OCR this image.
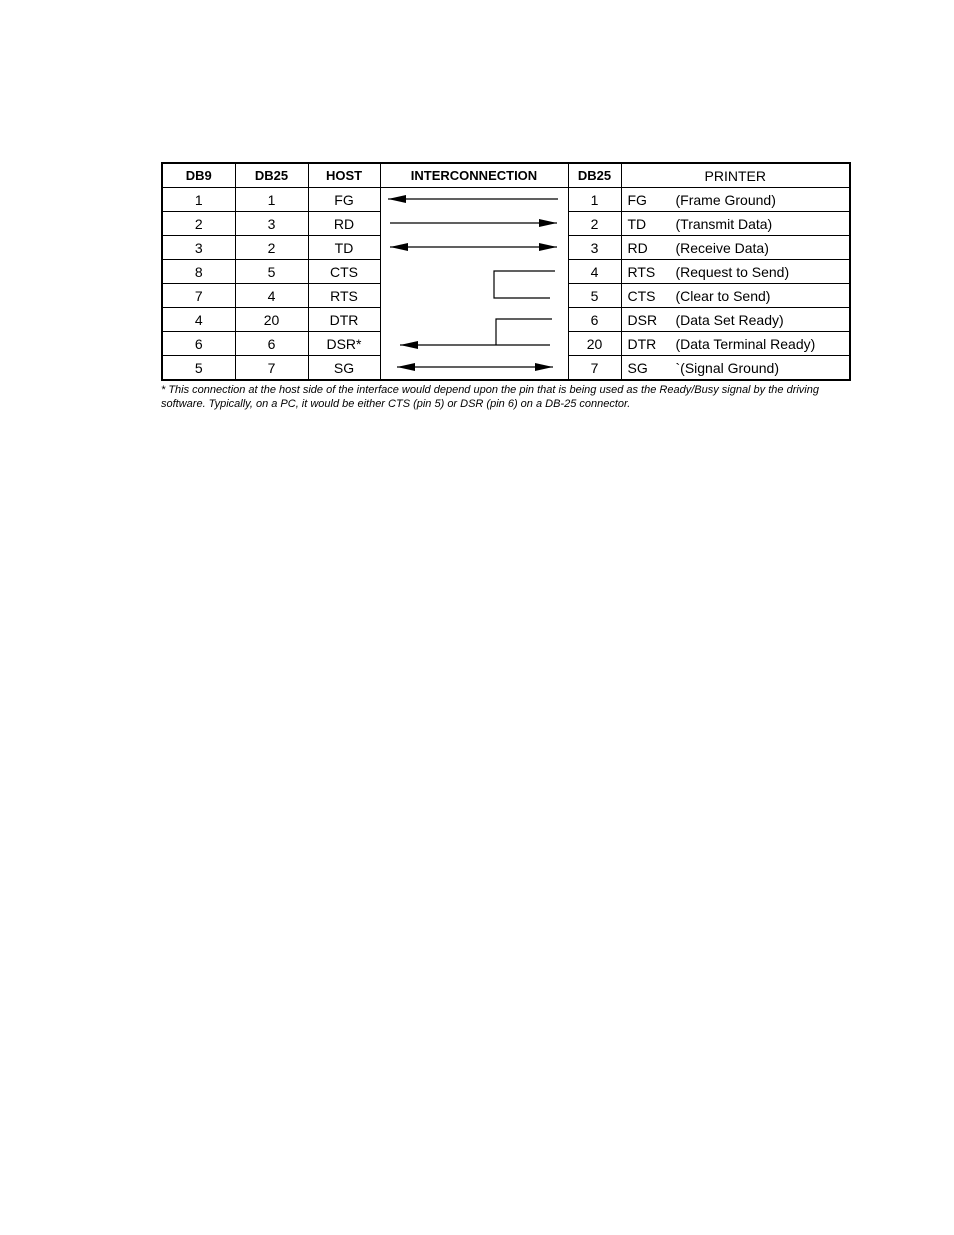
DB9	DB25	HOST	INTERCONNECTION	DB25	PRINTER
1	1	FG		1	FG (Frame Ground)
2	3	RD		2	TD (Transmit Data)
3	2	TD		3	RD (Receive Data)
8	5	CTS		4	RTS (Request to Send)
7	4	RTS		5	CTS (Clear to Send)
4	20	DTR		6	DSR (Data Set Ready)
6	6	DSR*		20	DTR (Data Terminal Ready)
5	7	SG		7	SG `(Signal Ground)

* This connection at the host side of the interface would depend upon the pin that is being used as the Ready/Busy signal by the driving software. Typically, on a PC, it would be either CTS (pin 5) or DSR (pin 6) on a DB-25 connector.
